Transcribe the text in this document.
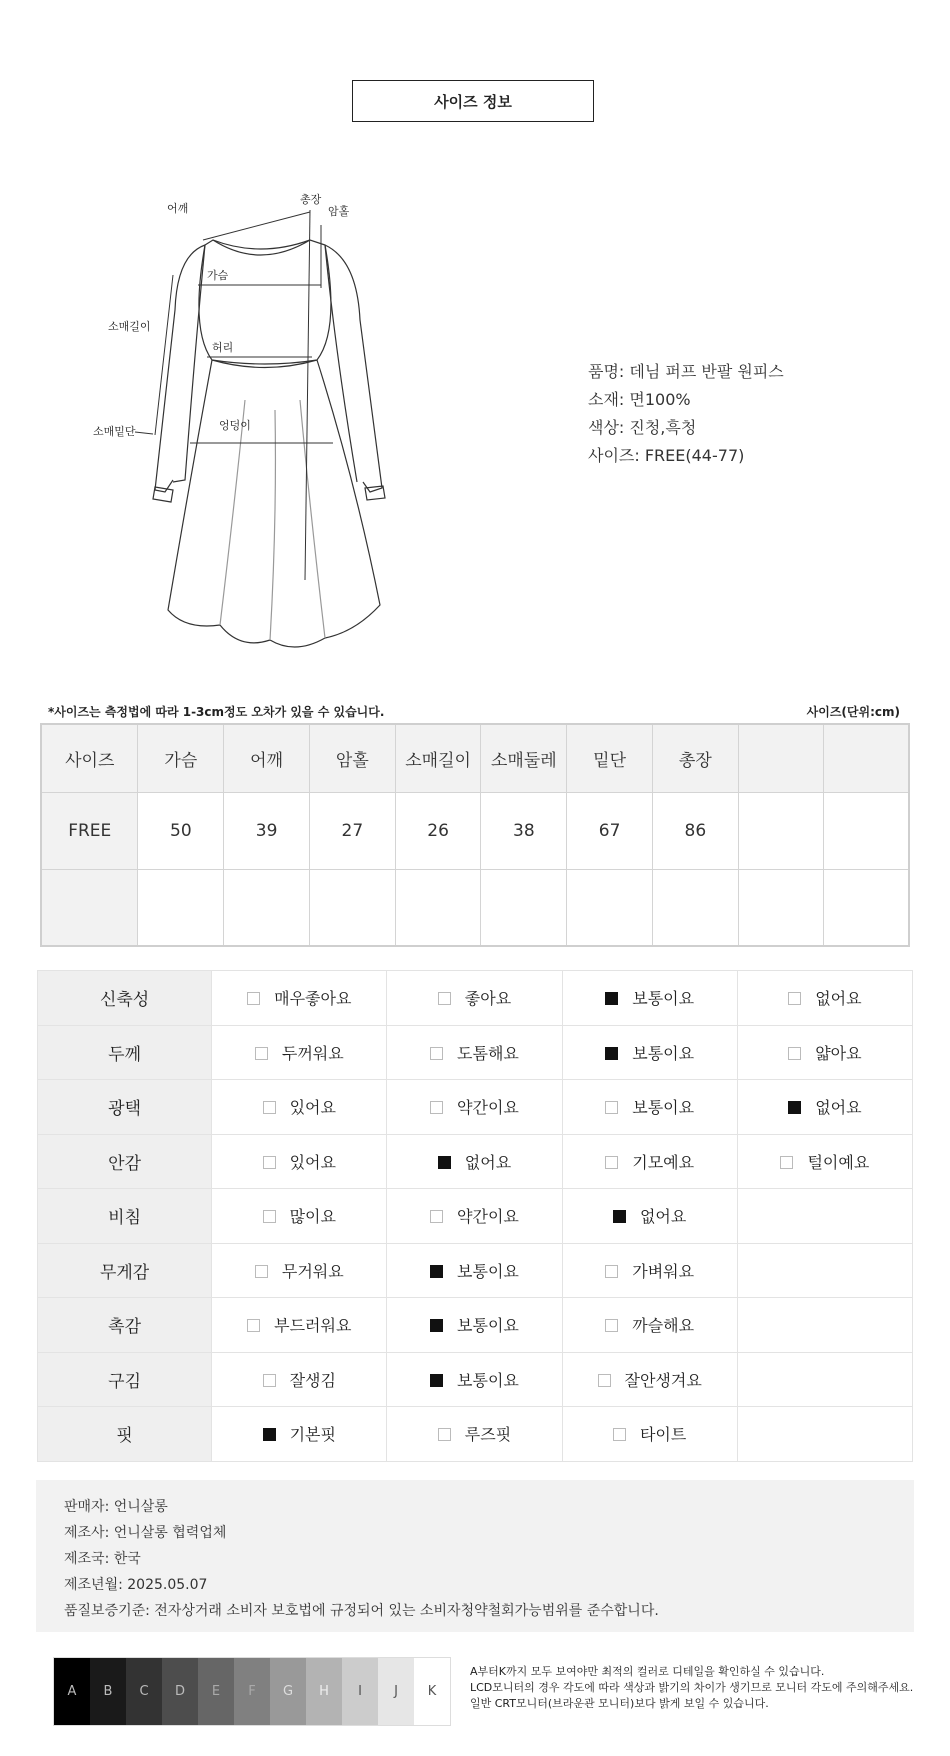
사이즈 정보
어깨
총장
암홀
가슴
소매길이
허리
소매밑단	엉덩이
품명: 데님 퍼프 반팔 원피스
소재: 면100%
색상: 진청,흑청
사이즈: FREE(44-77)
*사이즈는 측정법에 따라 1-3cm정도 오차가 있을 수 있습니다.	사이즈(단위:cm)
사이즈	가슴	어깨	암홀	소매길이	소매둘레	밑단	총장		
FREE	50	39	27	26	38	67	86		

신축성	매우좋아요	좋아요	보통이요	없어요
두께	두꺼워요	도톰해요	보통이요	얇아요
광택	있어요	약간이요	보통이요	없어요
안감	있어요	없어요	기모예요	털이예요
비침	많이요	약간이요	없어요	
무게감	무거워요	보통이요	가벼워요	
촉감	부드러워요	보통이요	까슬해요	
구김	잘생김	보통이요	잘안생겨요	
핏	기본핏	루즈핏	타이트	
판매자: 언니살롱
제조사: 언니살롱 협력업체
제조국: 한국
제조년월: 2025.05.07
품질보증기준: 전자상거래 소비자 보호법에 규정되어 있는 소비자청약철회가능범위를 준수합니다.
A	B	C	D	E	F	G	H	I	J	K
A부터K까지 모두 보여야만 최적의 컬러로 디테일을 확인하실 수 있습니다.
LCD모니터의 경우 각도에 따라 색상과 밝기의 차이가 생기므로 모니터 각도에 주의해주세요.
일반 CRT모니터(브라운관 모니터)보다 밝게 보일 수 있습니다.
